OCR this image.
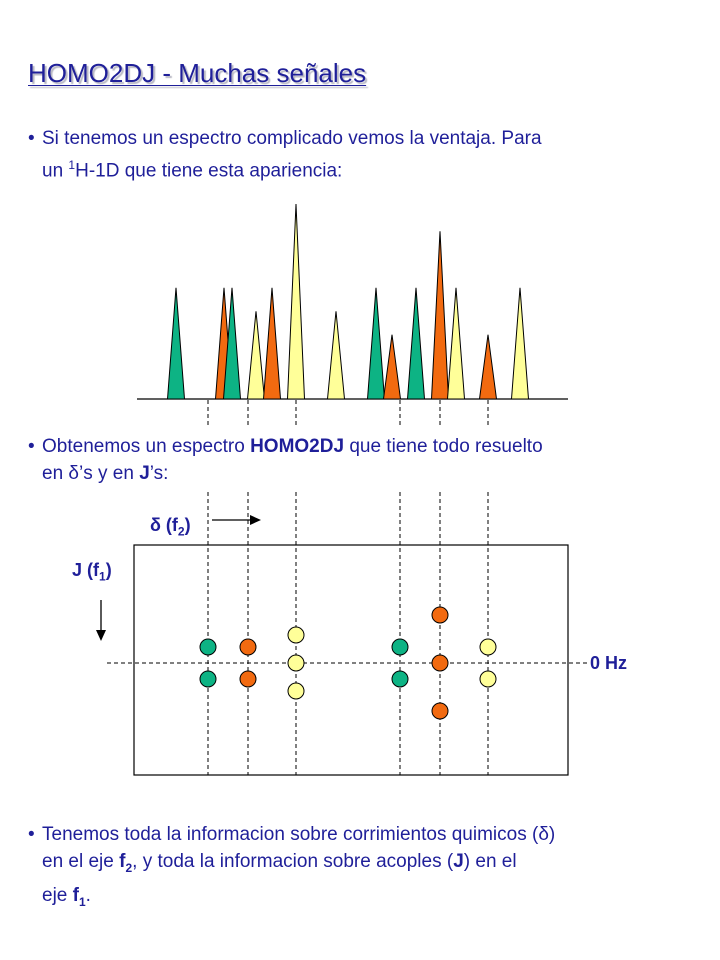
HOMO2DJ - Muchas señales
• Si tenemos un espectro complicado vemos la ventaja. Para
un $^1$H-1D que tiene esta apariencia:
• Obtenemos un espectro HOMO2DJ que tiene todo resuelto
en δ’s y en J’s:
δ $(f_2)$
J $(f_1)$
0 Hz
• Tenemos toda la informacion sobre corrimientos quimicos (δ)
en el eje $f_2$, y toda la informacion sobre acoples (J) en el
eje $f_1$.
